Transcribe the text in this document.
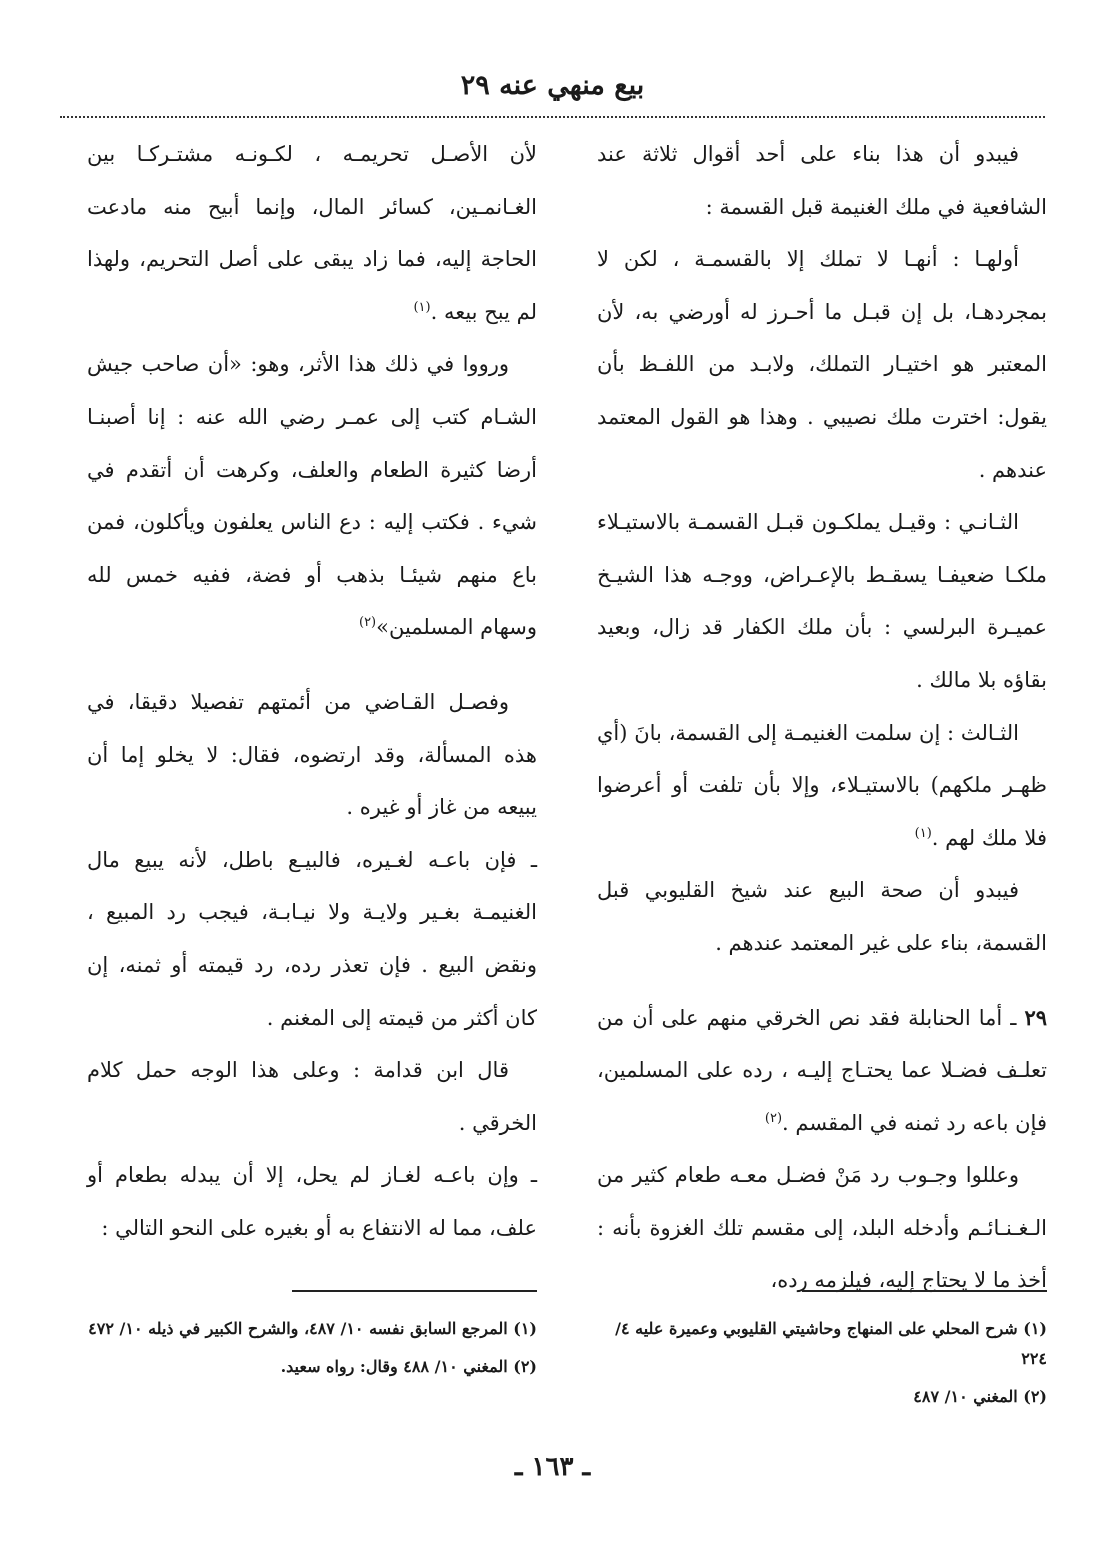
بيع منهي عنه ٢٩

فيبدو أن هذا بناء على أحد أقوال ثلاثة عند الشافعية في ملك الغنيمة قبل القسمة :

أولهـا : أنهـا لا تملك إلا بالقسمـة ، لكن لا بمجردهـا، بل إن قبـل ما أحـرز له أورضي به، لأن المعتبر هو اختيـار التملك، ولابـد من اللفـظ بأن يقول: اخترت ملك نصيبي . وهذا هو القول المعتمد عندهم .

الثـانـي : وقيـل يملكـون قبـل القسمـة بالاستيـلاء ملكـا ضعيفـا يسقـط بالإعـراض، ووجـه هذا الشيـخ عميـرة البرلسي : بأن ملك الكفار قد زال، وبعيد بقاؤه بلا مالك .

الثـالث : إن سلمت الغنيمـة إلى القسمة، بانَ (أي ظهـر ملكهم) بالاستيـلاء، وإلا بأن تلفت أو أعرضوا فلا ملك لهم .$^{(١)}$

فيبدو أن صحة البيع عند شيخ القليوبي قبل القسمة، بناء على غير المعتمد عندهم .

٢٩ ـ أما الحنابلة فقد نص الخرقي منهم على أن من تعلـف فضـلا عما يحتـاج إليـه ، رده على المسلمين، فإن باعه رد ثمنه في المقسم .$^{(٢)}$

وعللوا وجـوب رد مَنْ فضـل معـه طعام كثير من الـغـنـائـم وأدخله البلد، إلى مقسم تلك الغزوة بأنه : أخذ ما لا يحتاج إليه، فيلزمه رده،

لأن الأصـل تحريمـه ، لكـونـه مشتـركـا بين الغـانمـين، كسائر المال، وإنما أبيح منه مادعت الحاجة إليه، فما زاد يبقى على أصل التحريم، ولهذا لم يبح بيعه .$^{(١)}$

ورووا في ذلك هذا الأثر، وهو: «أن صاحب جيش الشـام كتب إلى عمـر رضي الله عنه : إنا أصبنـا أرضا كثيرة الطعام والعلف، وكرهت أن أتقدم في شيء . فكتب إليه : دع الناس يعلفون ويأكلون، فمن باع منهم شيئـا بذهب أو فضة، ففيه خمس لله وسهام المسلمين»$^{(٢)}$

وفصـل القـاضي من أئمتهم تفصيلا دقيقا، في هذه المسألة، وقد ارتضوه، فقال: لا يخلو إما أن يبيعه من غاز أو غيره .

ـ فإن باعـه لغـيره، فالبيـع باطل، لأنه يبيع مال الغنيمـة بغـير ولايـة ولا نيـابـة، فيجب رد المبيع ، ونقض البيع . فإن تعذر رده، رد قيمته أو ثمنه، إن كان أكثر من قيمته إلى المغنم .

قال ابن قدامة : وعلى هذا الوجه حمل كلام الخرقي .

ـ وإن باعـه لغـاز لم يحل، إلا أن يبدله بطعام أو علف، مما له الانتفاع به أو بغيره على النحو التالي :

(١) شرح المحلي على المنهاج وحاشيتي القليوبي وعميرة عليه ٤/ ٢٢٤

(٢) المغني ١٠/ ٤٨٧

(١) المرجع السابق نفسه ١٠/ ٤٨٧، والشرح الكبير في ذيله ١٠/ ٤٧٢

(٢) المغني ١٠/ ٤٨٨ وقال: رواه سعيد.

ـ ١٦٣ ـ
